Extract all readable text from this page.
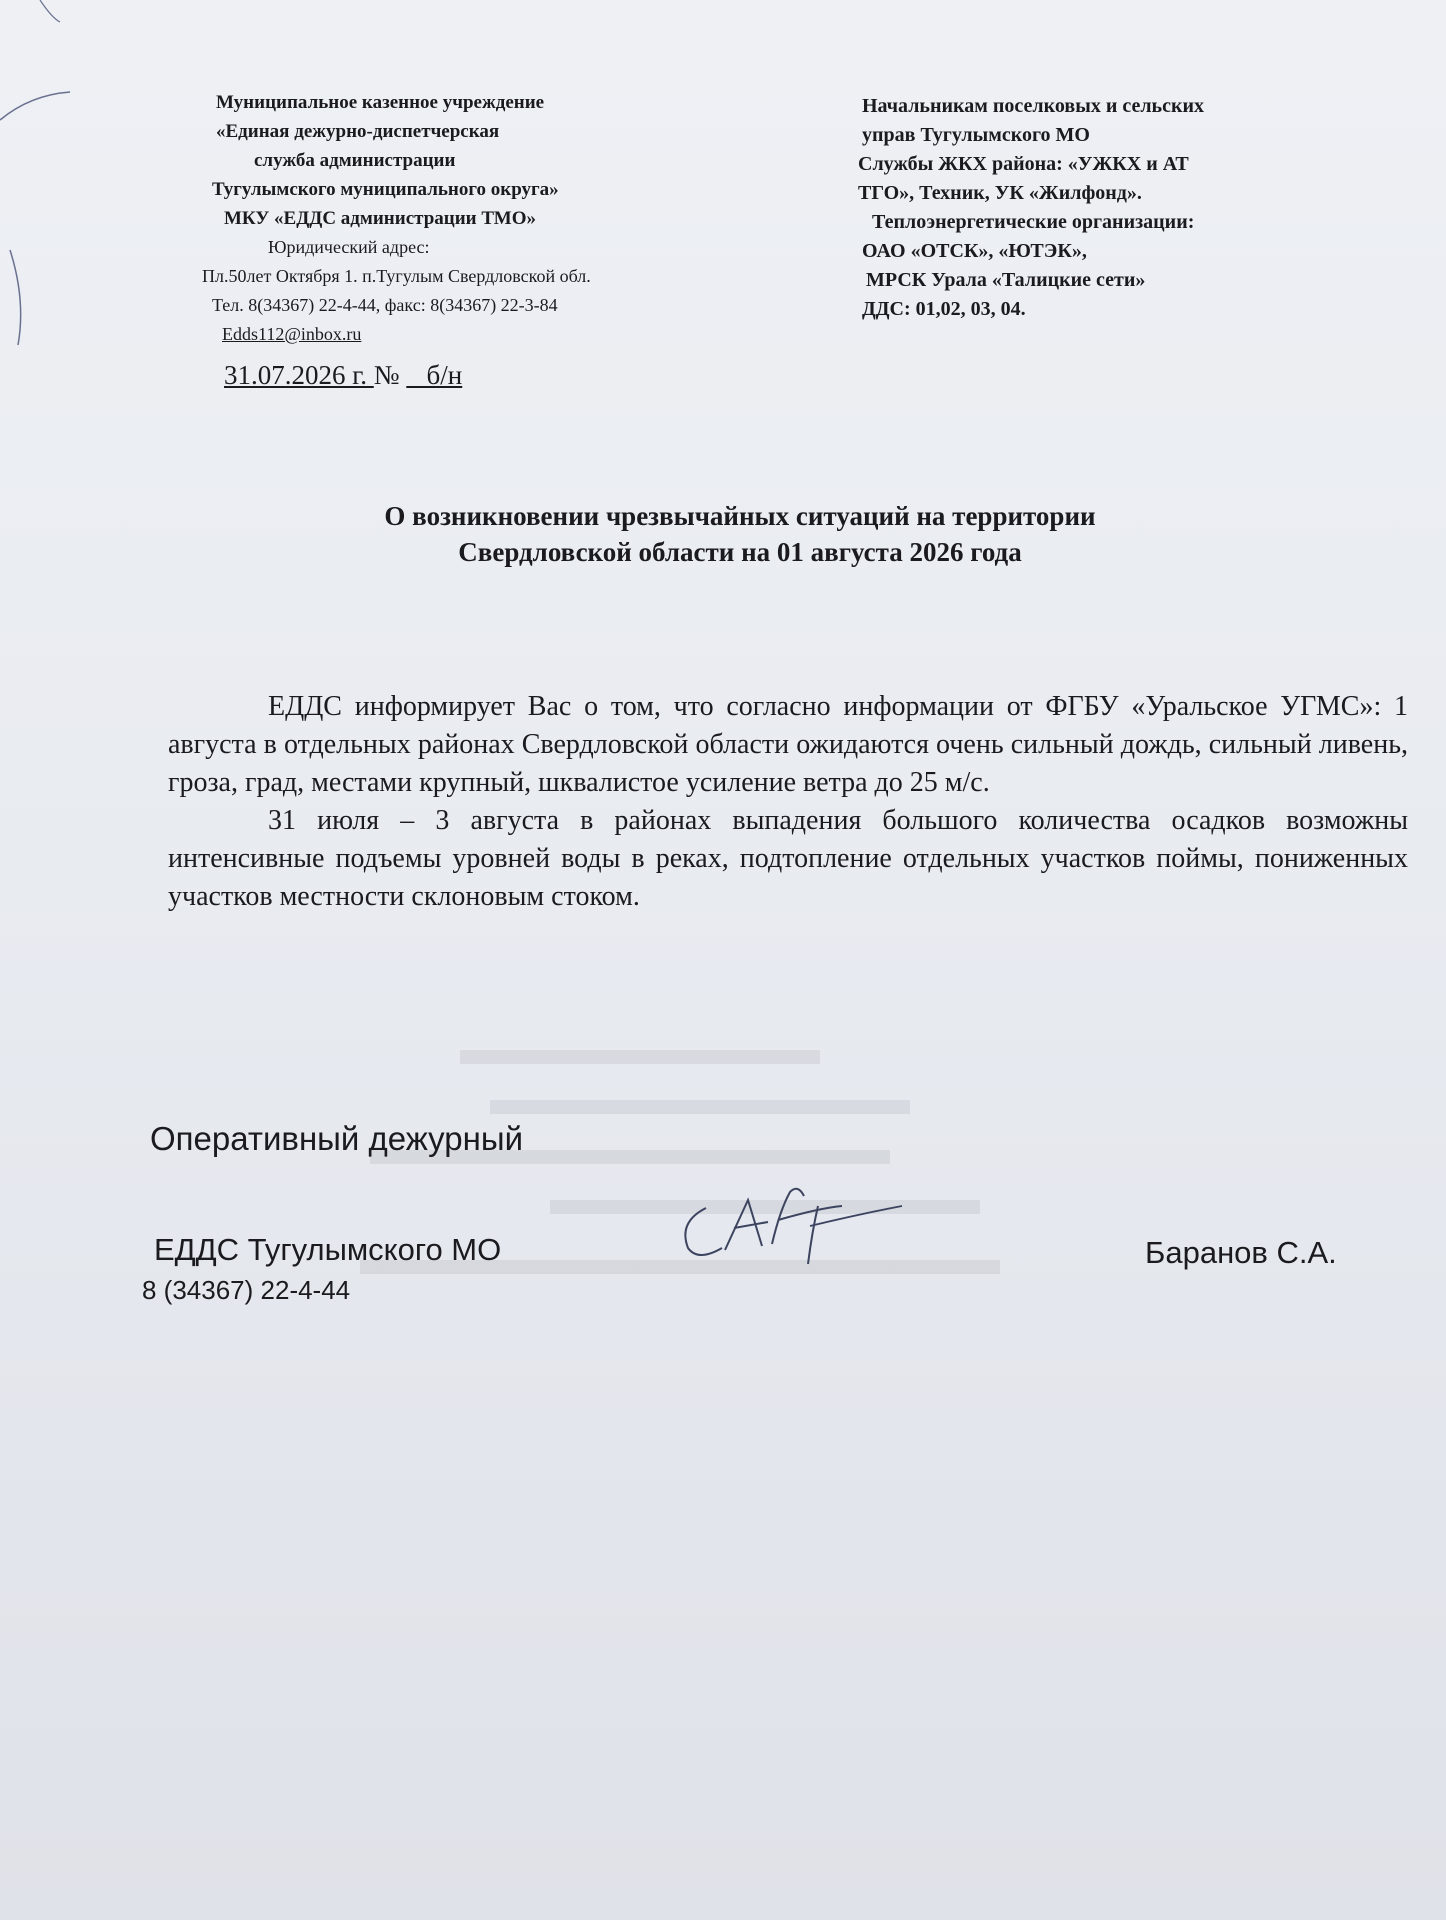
Муниципальное казенное учреждение
«Единая дежурно-диспетчерская
служба администрации
Тугулымского муниципального округа»
МКУ «ЕДДС администрации ТМО»
Юридический адрес:
Пл.50лет Октября 1. п.Тугулым Свердловской обл.
Тел. 8(34367) 22-4-44, факс: 8(34367) 22-3-84
Edds112@inbox.ru
Начальникам поселковых и сельских
управ Тугулымского МО
Службы ЖКХ района: «УЖКХ и АТ
ТГО», Техник, УК «Жилфонд».
Теплоэнергетические организации:
ОАО «ОТСК», «ЮТЭК»,
МРСК Урала «Талицкие сети»
ДДС: 01,02, 03, 04.
31.07.2026 г. №    б/н
О возникновении чрезвычайных ситуаций на территории
Свердловской области на 01 августа 2026 года

ЕДДС информирует Вас о том, что согласно информации от ФГБУ «Уральское УГМС»: 1 августа в отдельных районах Свердловской области ожидаются очень сильный дождь, сильный ливень, гроза, град, местами крупный, шквалистое усиление ветра до 25 м/с.

31 июля – 3 августа в районах выпадения большого количества осадков возможны интенсивные подъемы уровней воды в реках, подтопление отдельных участков поймы, пониженных участков местности склоновым стоком.

Оперативный дежурный
ЕДДС Тугулымского МО
8 (34367) 22-4-44
Баранов С.А.
